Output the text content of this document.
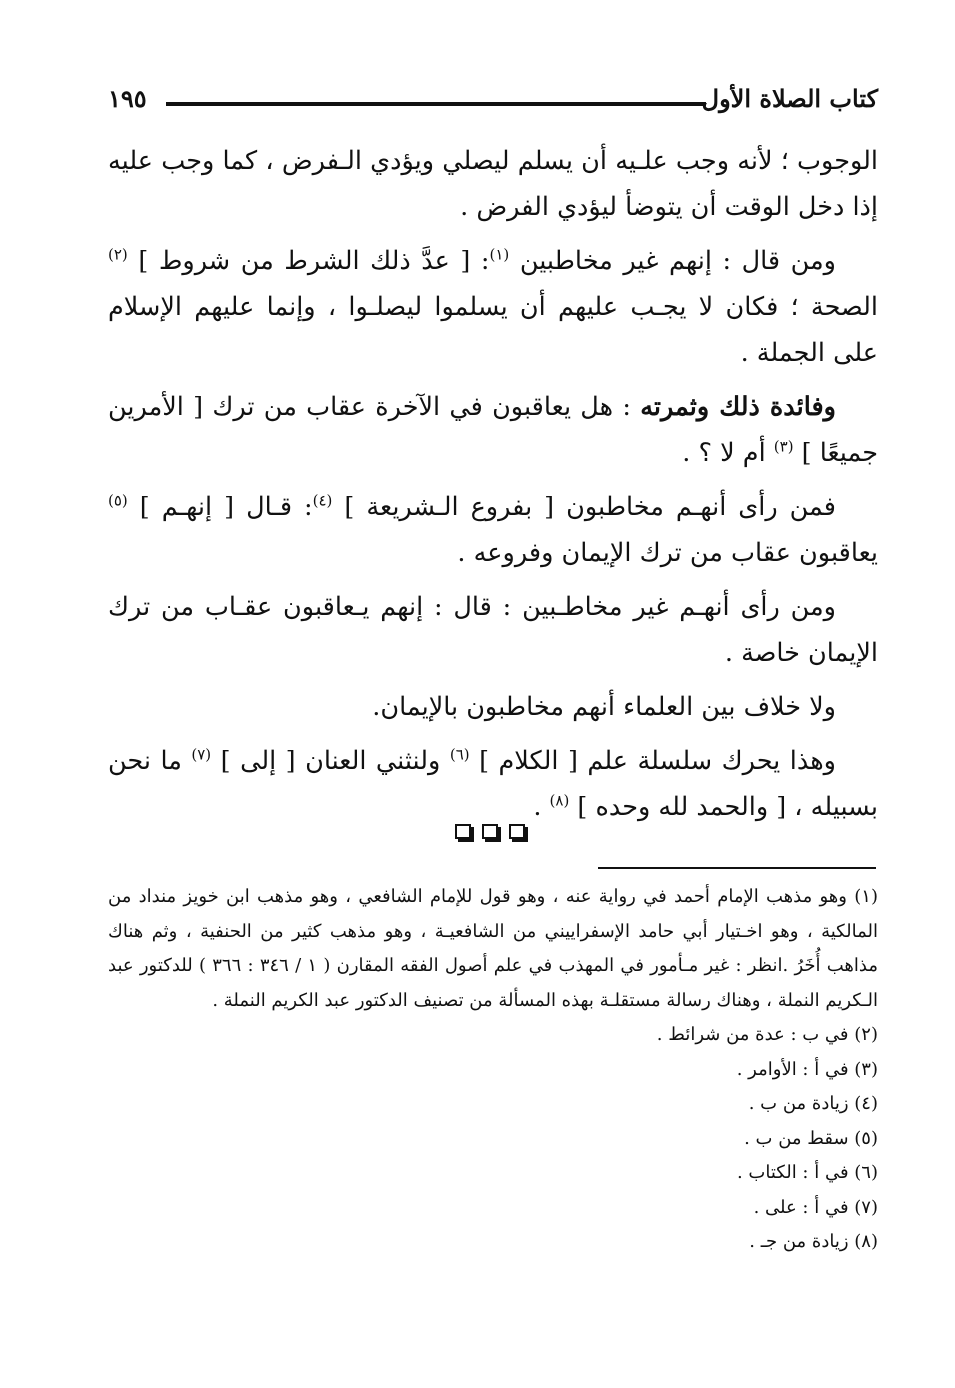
كتاب الصلاة الأول
١٩٥

الوجوب ؛ لأنه وجب علـيه أن يسلم ليصلي ويؤدي الـفرض ، كما وجب عليه إذا دخل الوقت أن يتوضأ ليؤدي الفرض .

ومن قال : إنهم غير مخاطبين $^{(١)}$: [ عدَّ ذلك الشرط من شروط ] $^{(٢)}$ الصحة ؛ فكان لا يجـب عليهم أن يسلموا ليصلـوا ، وإنما عليهم الإسلام على الجملة .

وفائدة ذلك وثمرته : هل يعاقبون في الآخرة عقاب من ترك [ الأمرين جميعًا ] $^{(٣)}$ أم لا ؟ .

فمن رأى أنهـم مخاطبون [ بفروع الـشريعة ] $^{(٤)}$: قـال [ إنهـم ] $^{(٥)}$ يعاقبون عقاب من ترك الإيمان وفروعه .

ومن رأى أنهـم غير مخاطـبين : قال : إنهم يـعاقبون عقـاب من ترك الإيمان خاصة .

ولا خلاف بين العلماء أنهم مخاطبون بالإيمان.

وهذا يحرك سلسلة علم [ الكلام ] $^{(٦)}$ ولنثني العنان [ إلى ] $^{(٧)}$ ما نحن بسبيله ، [ والحمد لله وحده ] $^{(٨)}$ .

(١) وهو مذهب الإمام أحمد في رواية عنه ، وهو قول للإمام الشافعي ، وهو مذهب ابن خويز منداد من المالكية ، وهو اخـتيار أبي حامد الإسفراييني من الشافعيـة ، وهو مذهب كثير من الحنفية ، وثم هناك مذاهب أُخَرُ .انظر : غير مـأمور في المهذب في علم أصول الفقه المقارن ( ١ / ٣٤٦ : ٣٦٦ ) للدكتور عبد الـكريم النملة ، وهناك رسالة مستقلـة بهذه المسألة من تصنيف الدكتور عبد الكريم النملة .

(٢) في ب : عدة من شرائط .

(٣) في أ : الأوامر .

(٤) زيادة من ب .

(٥) سقط من ب .

(٦) في أ : الكتاب .

(٧) في أ : على .

(٨) زيادة من جـ .
